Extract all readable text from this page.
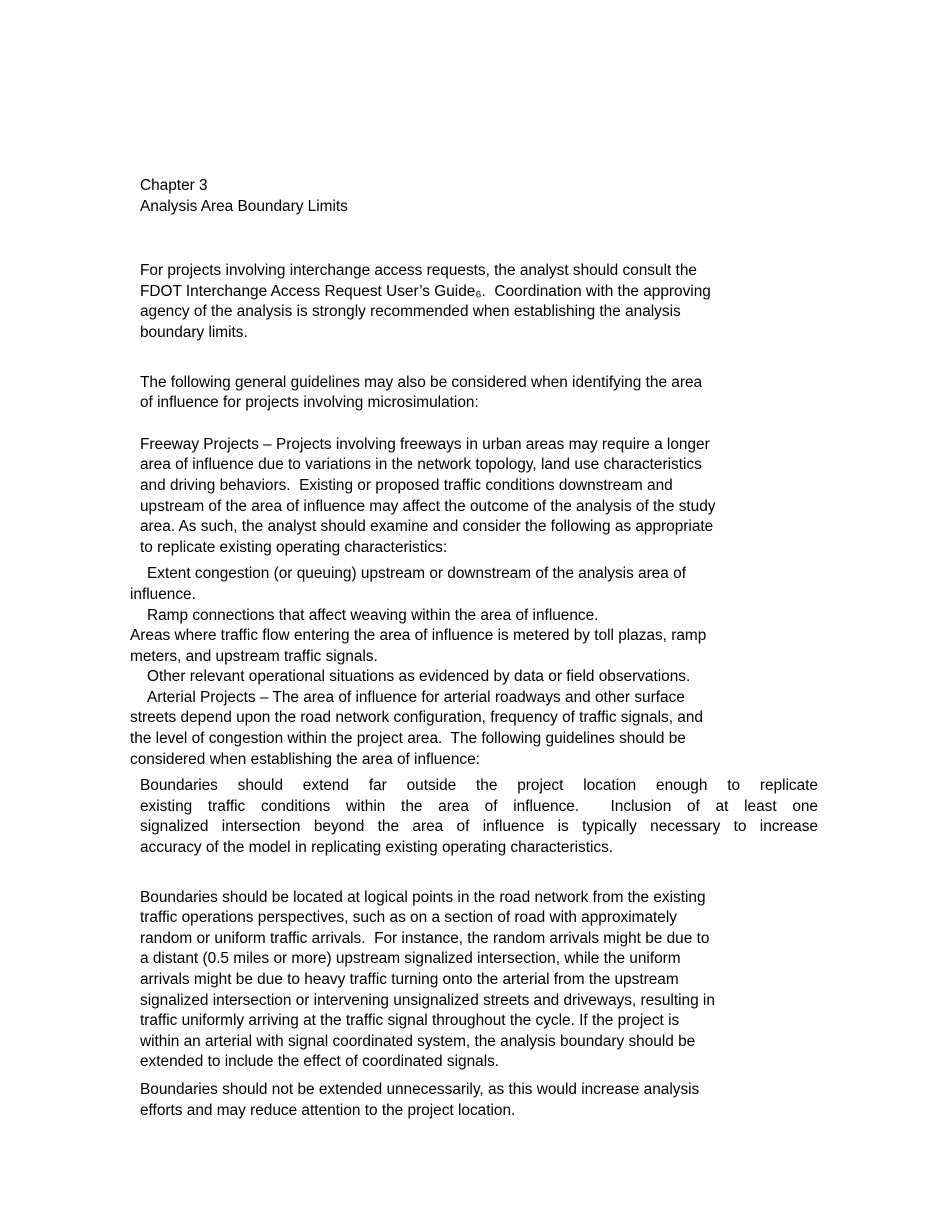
Chapter 3
Analysis Area Boundary Limits
For projects involving interchange access requests, the analyst should consult the
FDOT Interchange Access Request User’s Guide₆.  Coordination with the approving
agency of the analysis is strongly recommended when establishing the analysis
boundary limits.
The following general guidelines may also be considered when identifying the area
of influence for projects involving microsimulation:
Freeway Projects – Projects involving freeways in urban areas may require a longer
area of influence due to variations in the network topology, land use characteristics
and driving behaviors.  Existing or proposed traffic conditions downstream and
upstream of the area of influence may affect the outcome of the analysis of the study
area. As such, the analyst should examine and consider the following as appropriate
to replicate existing operating characteristics:
Extent congestion (or queuing) upstream or downstream of the analysis area of
influence.
Ramp connections that affect weaving within the area of influence.
Areas where traffic flow entering the area of influence is metered by toll plazas, ramp
meters, and upstream traffic signals.
Other relevant operational situations as evidenced by data or field observations.
Arterial Projects – The area of influence for arterial roadways and other surface
streets depend upon the road network configuration, frequency of traffic signals, and
the level of congestion within the project area.  The following guidelines should be
considered when establishing the area of influence:
Boundaries should extend far outside the project location enough to replicate
existing traffic conditions within the area of influence.  Inclusion of at least one
signalized intersection beyond the area of influence is typically necessary to increase
accuracy of the model in replicating existing operating characteristics.
Boundaries should be located at logical points in the road network from the existing
traffic operations perspectives, such as on a section of road with approximately
random or uniform traffic arrivals.  For instance, the random arrivals might be due to
a distant (0.5 miles or more) upstream signalized intersection, while the uniform
arrivals might be due to heavy traffic turning onto the arterial from the upstream
signalized intersection or intervening unsignalized streets and driveways, resulting in
traffic uniformly arriving at the traffic signal throughout the cycle. If the project is
within an arterial with signal coordinated system, the analysis boundary should be
extended to include the effect of coordinated signals.
Boundaries should not be extended unnecessarily, as this would increase analysis
efforts and may reduce attention to the project location.
